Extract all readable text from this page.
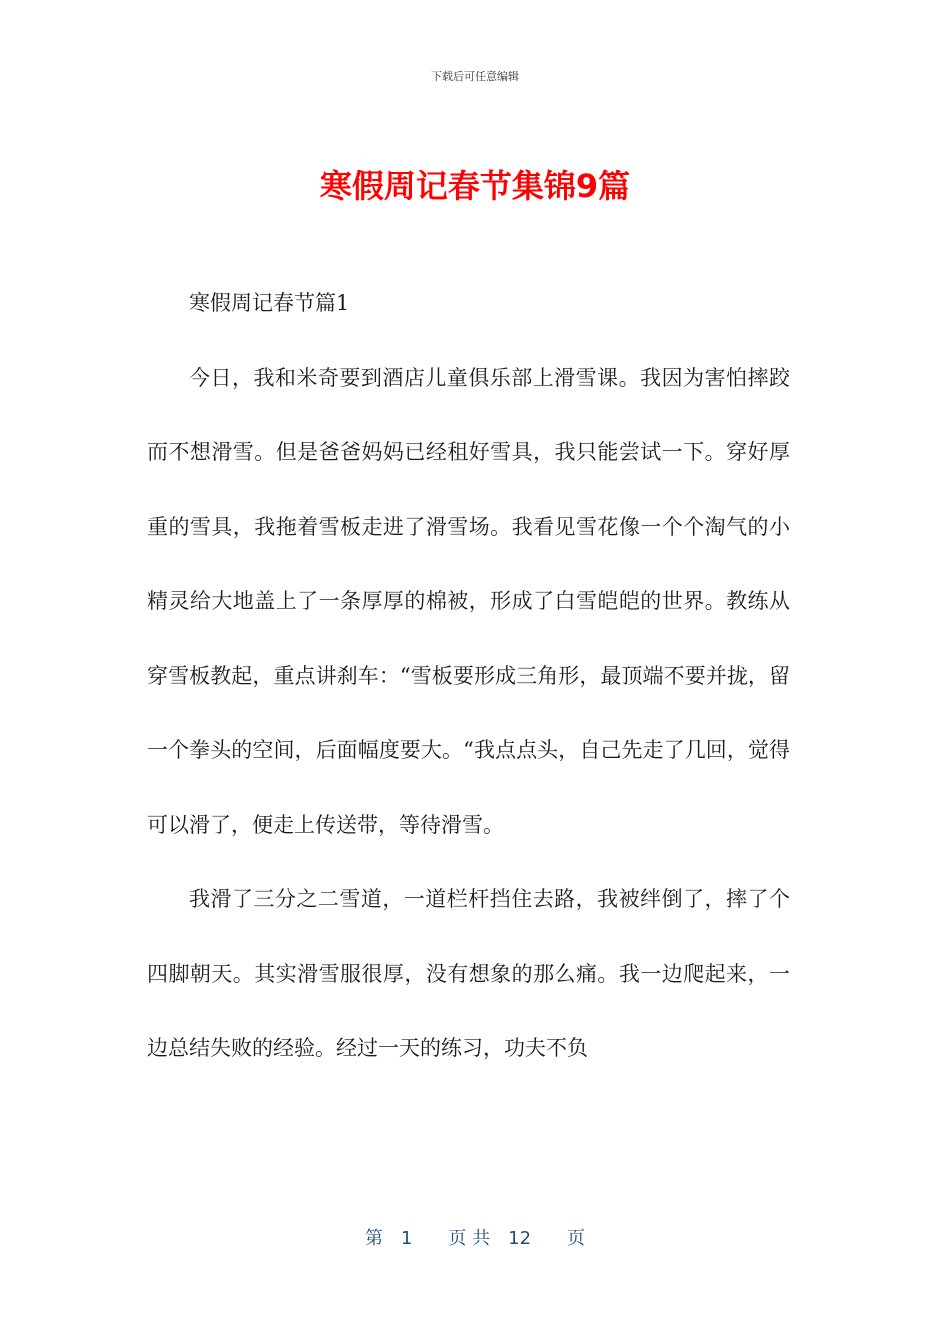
下载后可任意编辑
寒假周记春节集锦9篇

寒假周记春节篇1

今日，我和米奇要到酒店儿童俱乐部上滑雪课。我因为害怕摔跤而不想滑雪。但是爸爸妈妈已经租好雪具，我只能尝试一下。穿好厚重的雪具，我拖着雪板走进了滑雪场。我看见雪花像一个个淘气的小精灵给大地盖上了一条厚厚的棉被，形成了白雪皑皑的世界。教练从穿雪板教起，重点讲刹车：“雪板要形成三角形，最顶端不要并拢，留一个拳头的空间，后面幅度要大。“我点点头，自己先走了几回，觉得可以滑了，便走上传送带，等待滑雪。

我滑了三分之二雪道，一道栏杆挡住去路，我被绊倒了，摔了个四脚朝天。其实滑雪服很厚，没有想象的那么痛。我一边爬起来，一边总结失败的经验。经过一天的练习，功夫不负

第　1　　页 共　12　　页
